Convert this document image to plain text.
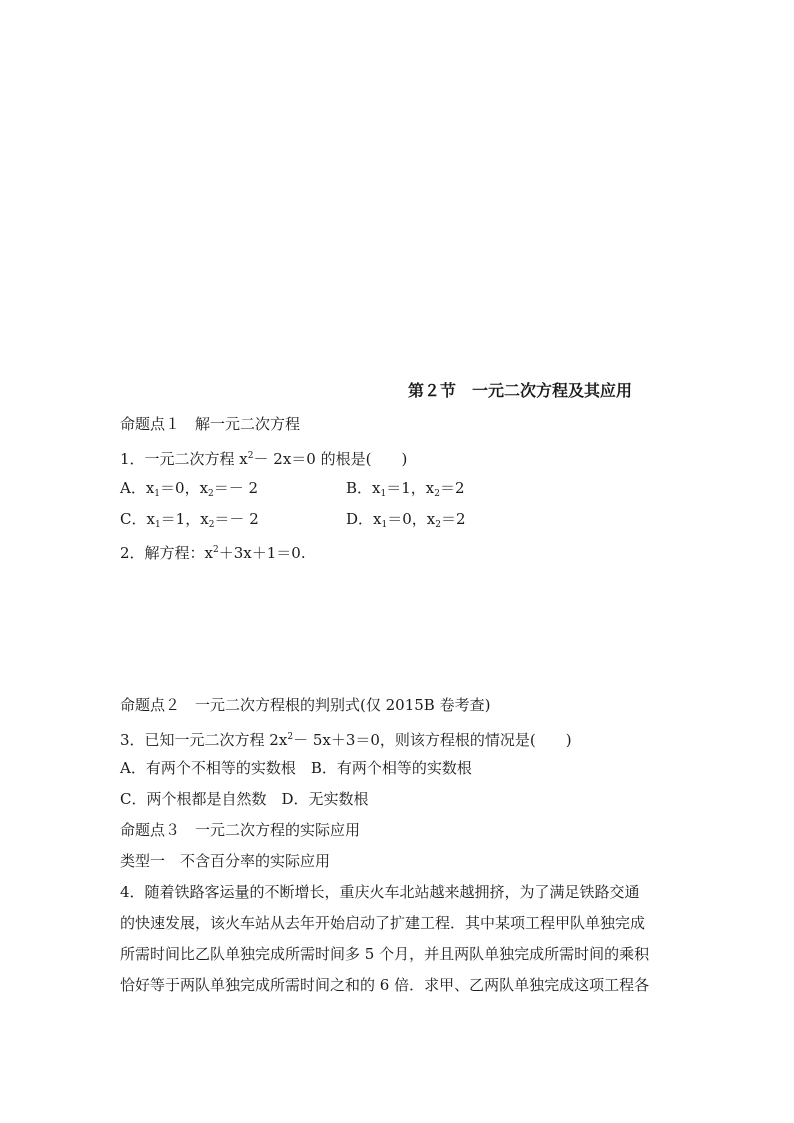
第２节　一元二次方程及其应用
命题点１　解一元二次方程
1．一元二次方程 $x^2- 2x=0$ 的根是(　　)
A．$x_1=0$，$x_2=- 2$	B．$x_1=1$，$x_2=2$
C．$x_1=1$，$x_2=- 2$	D．$x_1=0$，$x_2=2$
2．解方程：$x^2+3x+1=0$.
命题点２　一元二次方程根的判别式(仅 2015B 卷考查)
3．已知一元二次方程 $2x^2- 5x+3=0$，则该方程根的情况是(　　)
A．有两个不相等的实数根　B．有两个相等的实数根
C．两个根都是自然数　D．无实数根
命题点３　一元二次方程的实际应用
类型一　不含百分率的实际应用
4．随着铁路客运量的不断增长，重庆火车北站越来越拥挤，为了满足铁路交通
的快速发展，该火车站从去年开始启动了扩建工程．其中某项工程甲队单独完成
所需时间比乙队单独完成所需时间多 5 个月，并且两队单独完成所需时间的乘积
恰好等于两队单独完成所需时间之和的 6 倍．求甲、乙两队单独完成这项工程各
